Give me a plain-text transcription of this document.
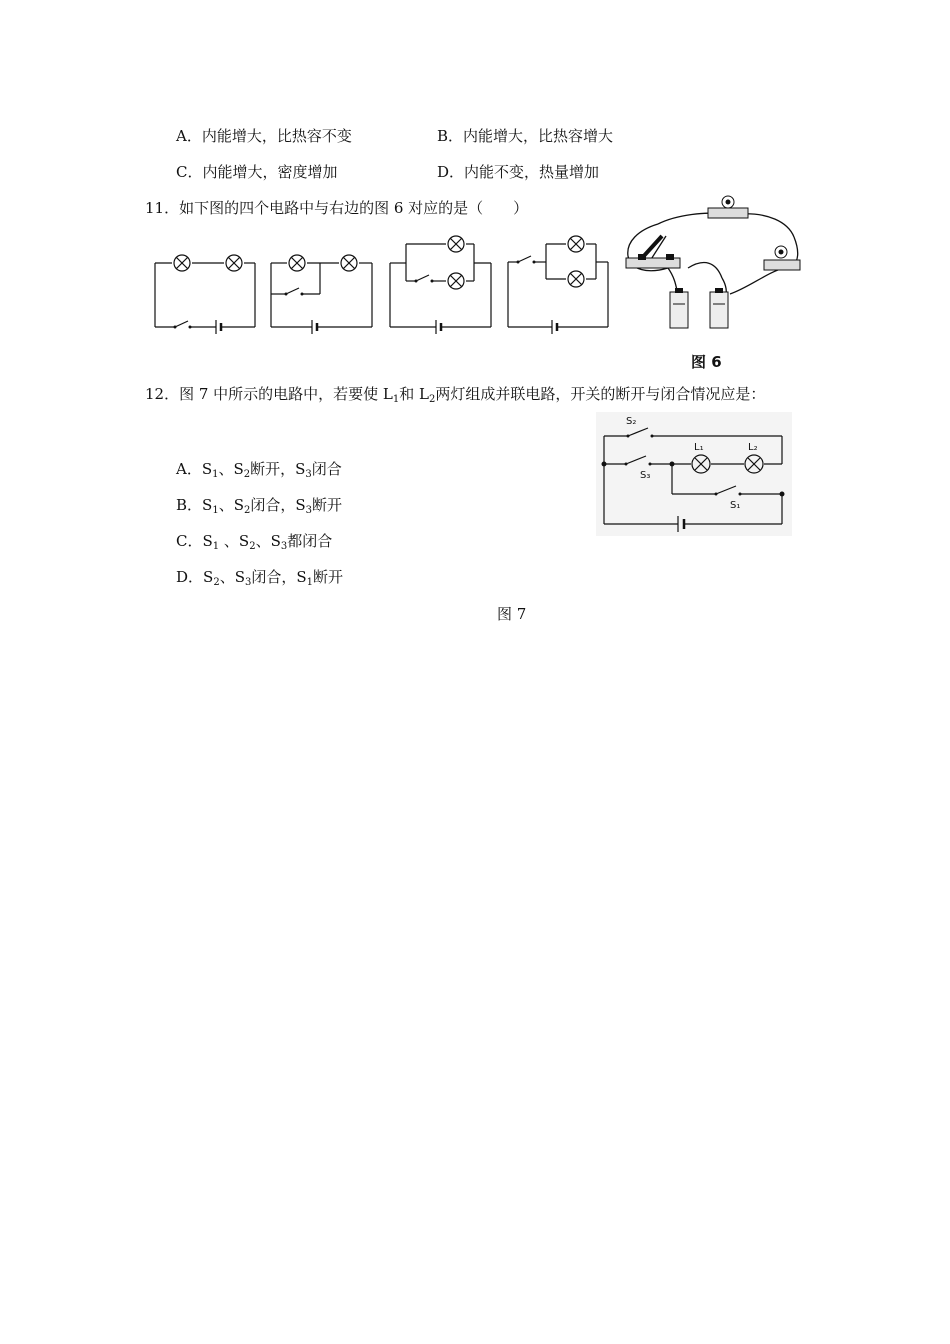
A．内能增大，比热容不变	B．内能增大，比热容增大
C．内能增大，密度增加	D．内能不变，热量增加
11．如下图的四个电路中与右边的图 6 对应的是（　　）
图 6
12．图 7 中所示的电路中，若要使 $L_1$和 $L_2$两灯组成并联电路，开关的断开与闭合情况应是：
A．$S_1$、$S_2$断开，$S_3$闭合
B．$S_1$、$S_2$闭合，$S_3$断开
C．$S_1$ 、$S_2$、$S_3$都闭合
D．$S_2$、$S_3$闭合，$S_1$断开
S₂
S₃
L₁	L₂
S₁
图 7
